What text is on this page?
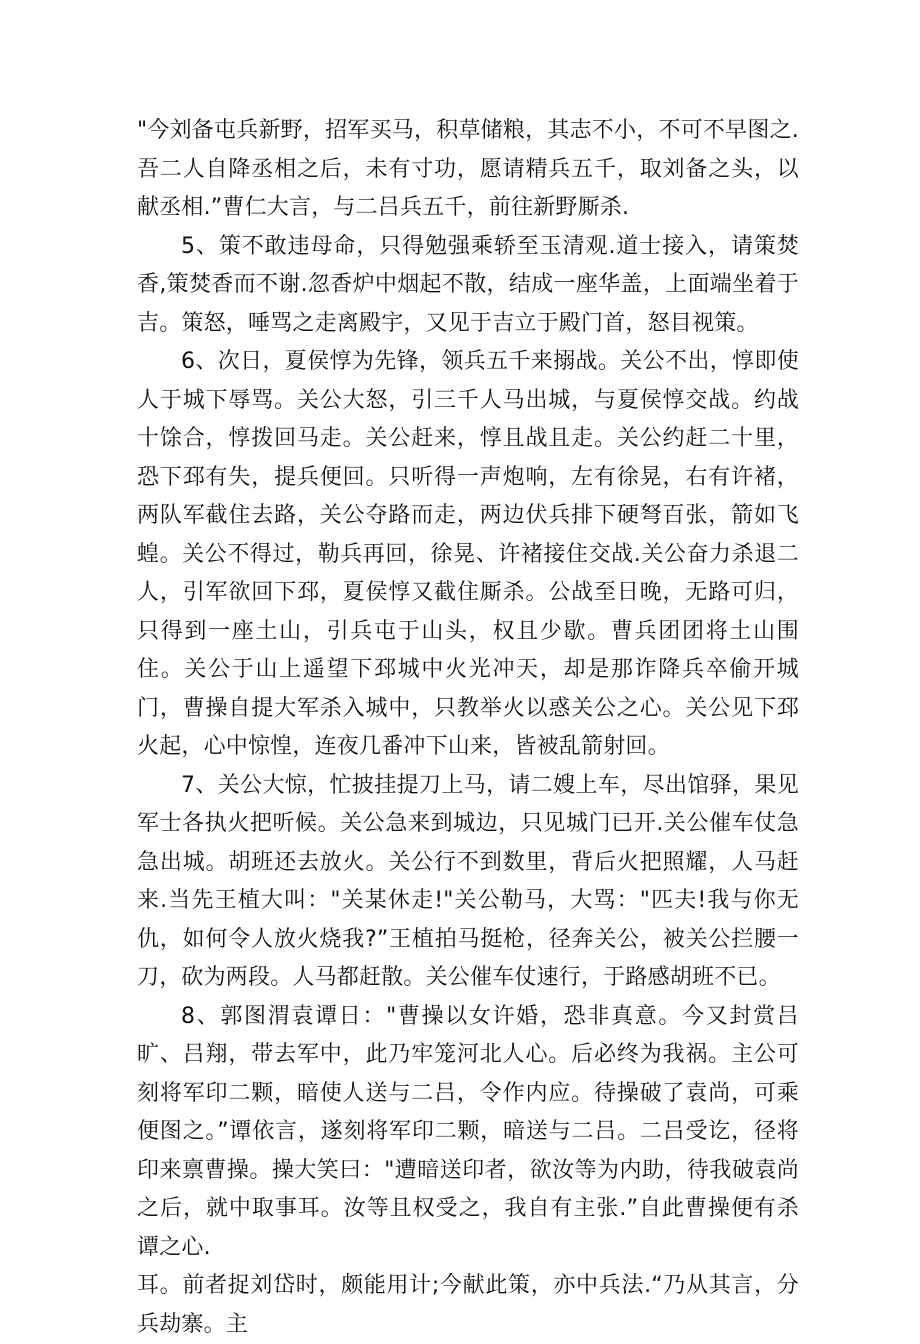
"今刘备屯兵新野，招军买马，积草储粮，其志不小，不可不早图之.吾二人自降丞相之后，未有寸功，愿请精兵五千，取刘备之头，以献丞相.”曹仁大言，与二吕兵五千，前往新野厮杀.

5、策不敢违母命，只得勉强乘轿至玉清观.道士接入，请策焚香,策焚香而不谢.忽香炉中烟起不散，结成一座华盖，上面端坐着于吉。策怒，唾骂之走离殿宇，又见于吉立于殿门首，怒目视策。

6、次日，夏侯惇为先锋，领兵五千来搦战。关公不出，惇即使人于城下辱骂。关公大怒，引三千人马出城，与夏侯惇交战。约战十馀合，惇拨回马走。关公赶来，惇且战且走。关公约赶二十里，恐下邳有失，提兵便回。只听得一声炮响，左有徐晃，右有许褚，两队军截住去路，关公夺路而走，两边伏兵排下硬弩百张，箭如飞蝗。关公不得过，勒兵再回，徐晃、许褚接住交战.关公奋力杀退二人，引军欲回下邳，夏侯惇又截住厮杀。公战至日晚，无路可归，只得到一座土山，引兵屯于山头，权且少歇。曹兵团团将土山围住。关公于山上遥望下邳城中火光冲天，却是那诈降兵卒偷开城门，曹操自提大军杀入城中，只教举火以惑关公之心。关公见下邳火起，心中惊惶，连夜几番冲下山来，皆被乱箭射回。

7、关公大惊，忙披挂提刀上马，请二嫂上车，尽出馆驿，果见军士各执火把听候。关公急来到城边，只见城门已开.关公催车仗急急出城。胡班还去放火。关公行不到数里，背后火把照耀，人马赶来.当先王植大叫："关某休走!"关公勒马，大骂："匹夫!我与你无仇，如何令人放火烧我?”王植拍马挺枪，径奔关公，被关公拦腰一刀，砍为两段。人马都赶散。关公催车仗速行，于路感胡班不已。

8、郭图渭袁谭日："曹操以女许婚，恐非真意。今又封赏吕旷、吕翔，带去军中，此乃牢笼河北人心。后必终为我祸。主公可刻将军印二颗，暗使人送与二吕，令作内应。待操破了袁尚，可乘便图之。”谭依言，遂刻将军印二颗，暗送与二吕。二吕受讫，径将印来禀曹操。操大笑曰："遭暗送印者，欲汝等为内助，待我破袁尚之后，就中取事耳。汝等且权受之，我自有主张.”自此曹操便有杀谭之心.

耳。前者捉刘岱时，颇能用计;今献此策，亦中兵法.“乃从其言，分兵劫寨。主
